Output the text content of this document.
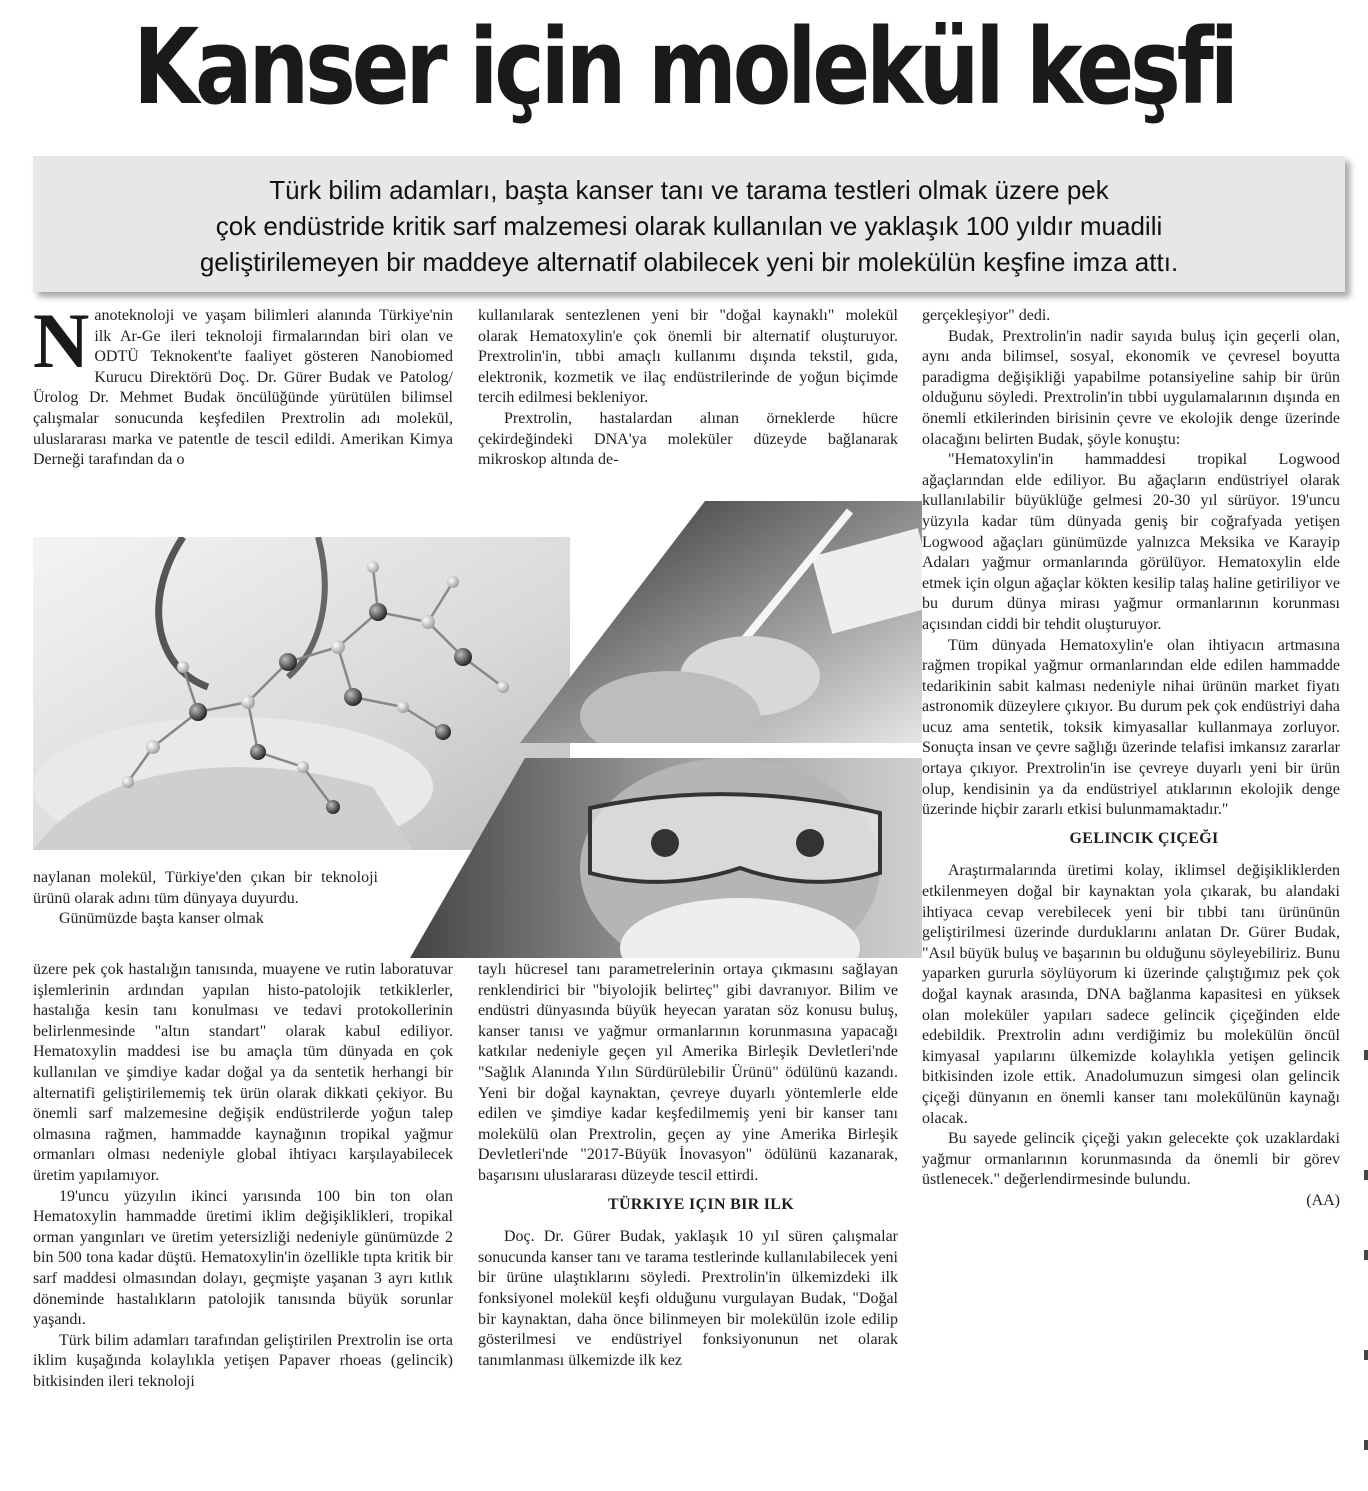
Kanser için molekül keşfi
Türk bilim adamları, başta kanser tanı ve tarama testleri olmak üzere pek
çok endüstride kritik sarf malzemesi olarak kullanılan ve yaklaşık 100 yıldır muadili
geliştirilemeyen bir maddeye alternatif olabilecek yeni bir molekülün keşfine imza attı.

Nanoteknoloji ve yaşam bilimleri alanında Türkiye'nin ilk Ar-Ge ileri teknoloji firmalarından biri olan ve ODTÜ Teknokent'te faaliyet gösteren Nanobiomed Kurucu Direktörü Doç. Dr. Gürer Budak ve Patolog/Ürolog Dr. Mehmet Budak öncülüğünde yürütülen bilimsel çalışmalar sonucunda keşfedilen Prextrolin adı molekül, uluslararası marka ve patentle de tescil edildi. Amerikan Kimya Derneği tarafından da o

kullanılarak sentezlenen yeni bir "doğal kaynaklı" molekül olarak Hematoxylin'e çok önemli bir alternatif oluşturuyor. Prextrolin'in, tıbbi amaçlı kullanımı dışında tekstil, gıda, elektronik, kozmetik ve ilaç endüstrilerinde de yoğun biçimde tercih edilmesi bekleniyor.

Prextrolin, hastalardan alınan örneklerde hücre çekirdeğindeki DNA'ya moleküler düzeyde bağlanarak mikroskop altında de-

gerçekleşiyor" dedi.

Budak, Prextrolin'in nadir sayıda buluş için geçerli olan, aynı anda bilimsel, sosyal, ekonomik ve çevresel boyutta paradigma değişikliği yapabilme potansiyeline sahip bir ürün olduğunu söyledi. Prextrolin'in tıbbi uygulamalarının dışında en önemli etkilerinden birisinin çevre ve ekolojik denge üzerinde olacağını belirten Budak, şöyle konuştu:

"Hematoxylin'in hammaddesi tropikal Logwood ağaçlarından elde ediliyor. Bu ağaçların endüstriyel olarak kullanılabilir büyüklüğe gelmesi 20-30 yıl sürüyor. 19'uncu yüzyıla kadar tüm dünyada geniş bir coğrafyada yetişen Logwood ağaçları günümüzde yalnızca Meksika ve Karayip Adaları yağmur ormanlarında görülüyor. Hematoxylin elde etmek için olgun ağaçlar kökten kesilip talaş haline getiriliyor ve bu durum dünya mirası yağmur ormanlarının korunması açısından ciddi bir tehdit oluşturuyor.

Tüm dünyada Hematoxylin'e olan ihtiyacın artmasına rağmen tropikal yağmur ormanlarından elde edilen hammadde tedarikinin sabit kalması nedeniyle nihai ürünün market fiyatı astronomik düzeylere çıkıyor. Bu durum pek çok endüstriyi daha ucuz ama sentetik, toksik kimyasallar kullanmaya zorluyor. Sonuçta insan ve çevre sağlığı üzerinde telafisi imkansız zararlar ortaya çıkıyor. Prextrolin'in ise çevreye duyarlı yeni bir ürün olup, kendisinin ya da endüstriyel atıklarının ekolojik denge üzerinde hiçbir zararlı etkisi bulunmamaktadır."

GELINCIK ÇIÇEĞI

Araştırmalarında üretimi kolay, iklimsel değişikliklerden etkilenmeyen doğal bir kaynaktan yola çıkarak, bu alandaki ihtiyaca cevap verebilecek yeni bir tıbbi tanı ürününün geliştirilmesi üzerinde durduklarını anlatan Dr. Gürer Budak, "Asıl büyük buluş ve başarının bu olduğunu söyleyebiliriz. Bunu yaparken gururla söylüyorum ki üzerinde çalıştığımız pek çok doğal kaynak arasında, DNA bağlanma kapasitesi en yüksek olan moleküler yapıları sadece gelincik çiçeğinden elde edebildik. Prextrolin adını verdiğimiz bu molekülün öncül kimyasal yapılarını ülkemizde kolaylıkla yetişen gelincik bitkisinden izole ettik. Anadolumuzun simgesi olan gelincik çiçeği dünyanın en önemli kanser tanı molekülünün kaynağı olacak.

Bu sayede gelincik çiçeği yakın gelecekte çok uzaklardaki yağmur ormanlarının korunmasında da önemli bir görev üstlenecek." değerlendirmesinde bulundu.

(AA)

naylanan molekül, Türkiye'den çıkan bir teknoloji ürünü olarak adını tüm dünyaya duyurdu.

Günümüzde başta kanser olmak

üzere pek çok hastalığın tanısında, muayene ve rutin laboratuvar işlemlerinin ardından yapılan histo-patolojik tetkiklerler, hastalığa kesin tanı konulması ve tedavi protokollerinin belirlenmesinde "altın standart" olarak kabul ediliyor. Hematoxylin maddesi ise bu amaçla tüm dünyada en çok kullanılan ve şimdiye kadar doğal ya da sentetik herhangi bir alternatifi geliştirilememiş tek ürün olarak dikkati çekiyor. Bu önemli sarf malzemesine değişik endüstrilerde yoğun talep olmasına rağmen, hammadde kaynağının tropikal yağmur ormanları olması nedeniyle global ihtiyacı karşılayabilecek üretim yapılamıyor.

19'uncu yüzyılın ikinci yarısında 100 bin ton olan Hematoxylin hammadde üretimi iklim değişiklikleri, tropikal orman yangınları ve üretim yetersizliği nedeniyle günümüzde 2 bin 500 tona kadar düştü. Hematoxylin'in özellikle tıpta kritik bir sarf maddesi olmasından dolayı, geçmişte yaşanan 3 ayrı kıtlık döneminde hastalıkların patolojik tanısında büyük sorunlar yaşandı.

Türk bilim adamları tarafından geliştirilen Prextrolin ise orta iklim kuşağında kolaylıkla yetişen Papaver rhoeas (gelincik) bitkisinden ileri teknoloji

taylı hücresel tanı parametrelerinin ortaya çıkmasını sağlayan renklendirici bir "biyolojik belirteç" gibi davranıyor. Bilim ve endüstri dünyasında büyük heyecan yaratan söz konusu buluş, kanser tanısı ve yağmur ormanlarının korunmasına yapacağı katkılar nedeniyle geçen yıl Amerika Birleşik Devletleri'nde "Sağlık Alanında Yılın Sürdürülebilir Ürünü" ödülünü kazandı. Yeni bir doğal kaynaktan, çevreye duyarlı yöntemlerle elde edilen ve şimdiye kadar keşfedilmemiş yeni bir kanser tanı molekülü olan Prextrolin, geçen ay yine Amerika Birleşik Devletleri'nde "2017-Büyük İnovasyon" ödülünü kazanarak, başarısını uluslararası düzeyde tescil ettirdi.

TÜRKIYE IÇIN BIR ILK

Doç. Dr. Gürer Budak, yaklaşık 10 yıl süren çalışmalar sonucunda kanser tanı ve tarama testlerinde kullanılabilecek yeni bir ürüne ulaştıklarını söyledi. Prextrolin'in ülkemizdeki ilk fonksiyonel molekül keşfi olduğunu vurgulayan Budak, "Doğal bir kaynaktan, daha önce bilinmeyen bir molekülün izole edilip gösterilmesi ve endüstriyel fonksiyonunun net olarak tanımlanması ülkemizde ilk kez
